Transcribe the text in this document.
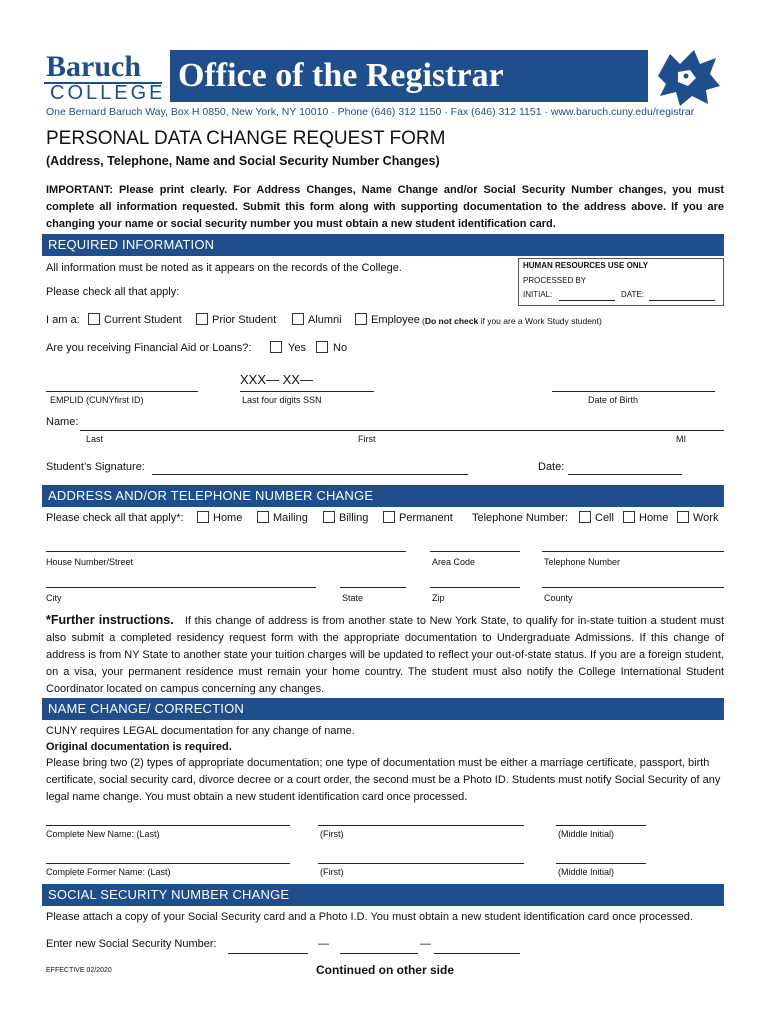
Baruch
COLLEGE Office of the Registrar
One Bernard Baruch Way, Box H 0850, New York, NY 10010 · Phone (646) 312 1150 · Fax (646) 312 1151 · www.baruch.cuny.edu/registrar
PERSONAL DATA CHANGE REQUEST FORM
(Address, Telephone, Name and Social Security Number Changes)
IMPORTANT: Please print clearly. For Address Changes, Name Change and/or Social Security Number changes, you must complete all information requested. Submit this form along with supporting documentation to the address above. If you are changing your name or social security number you must obtain a new student identification card.
REQUIRED INFORMATION
All information must be noted as it appears on the records of the College.
Please check all that apply:
HUMAN RESOURCES USE ONLY
PROCESSED BY
INITIAL:	DATE:
I am a: Current Student	Prior Student	Alumni	Employee (Do not check if you are a Work Study student)
Are you receiving Financial Aid or Loans?:	Yes No
XXX— XX—
EMPLID (CUNYfirst ID)	Last four digits SSN	Date of Birth
Name:
Last	First	MI
Student’s Signature:	Date:
ADDRESS AND/OR TELEPHONE NUMBER CHANGE
Please check all that apply*:	Home	Mailing	Billing	Permanent Telephone Number: Cell Home Work
House Number/Street	Area Code	Telephone Number
City	State	Zip	County
*Further instructions. If this change of address is from another state to New York State, to qualify for in-state tuition a student must also submit a completed residency request form with the appropriate documentation to Undergraduate Admissions. If this change of address is from NY State to another state your tuition charges will be updated to reflect your out-of-state status. If you are a foreign student, on a visa, your permanent residence must remain your home country. The student must also notify the College International Student Coordinator located on campus concerning any changes.
NAME CHANGE/ CORRECTION
CUNY requires LEGAL documentation for any change of name.
Original documentation is required.
Please bring two (2) types of appropriate documentation; one type of documentation must be either a marriage certificate, passport, birth certificate, social security card, divorce decree or a court order, the second must be a Photo ID. Students must notify Social Security of any legal name change. You must obtain a new student identification card once processed.
Complete New Name: (Last)	(First)	(Middle Initial)
Complete Former Name: (Last)	(First)	(Middle Initial)
SOCIAL SECURITY NUMBER CHANGE
Please attach a copy of your Social Security card and a Photo I.D. You must obtain a new student identification card once processed.
Enter new Social Security Number:	—	—
EFFECTIVE 02/2020	Continued on other side
